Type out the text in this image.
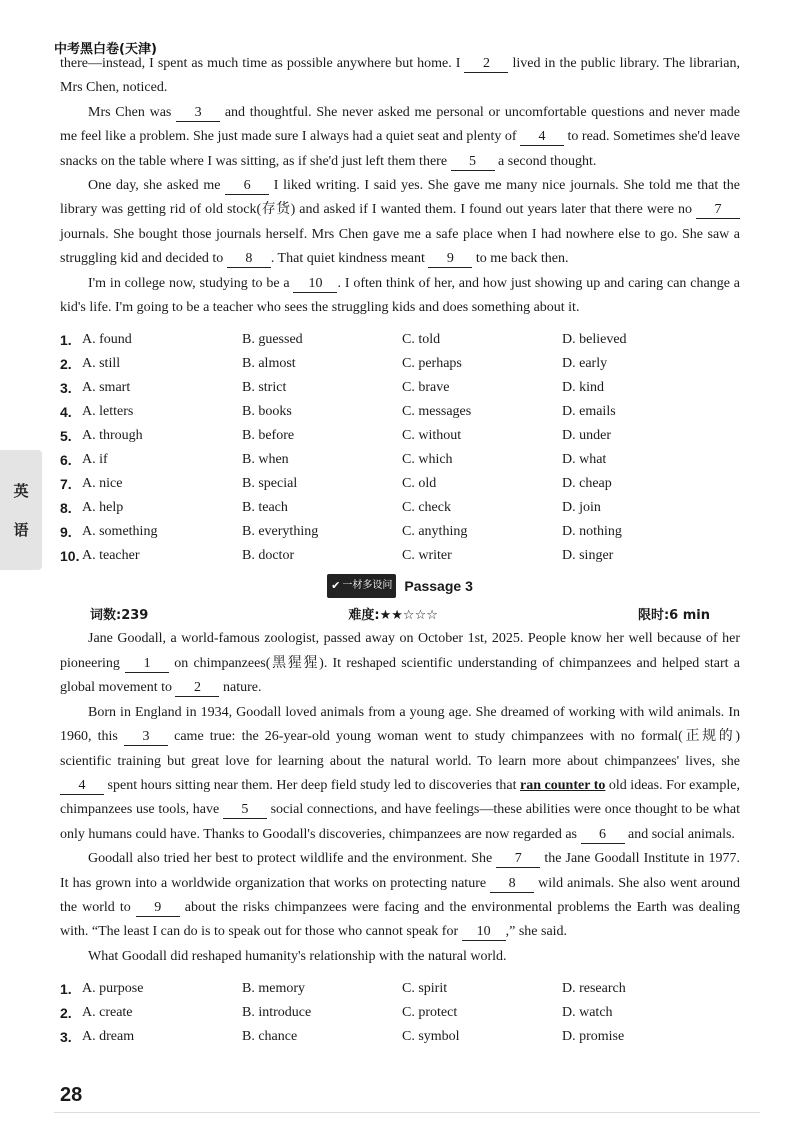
中考黑白卷(天津)
英
语

there—instead, I spent as much time as possible anywhere but home. I 2 lived in the public library. The librarian, Mrs Chen, noticed.

Mrs Chen was 3 and thoughtful. She never asked me personal or uncomfortable questions and never made me feel like a problem. She just made sure I always had a quiet seat and plenty of 4 to read. Sometimes she'd leave snacks on the table where I was sitting, as if she'd just left them there 5 a second thought.

One day, she asked me 6 I liked writing. I said yes. She gave me many nice journals. She told me that the library was getting rid of old stock(存货) and asked if I wanted them. I found out years later that there were no 7 journals. She bought those journals herself. Mrs Chen gave me a safe place when I had nowhere else to go. She saw a struggling kid and decided to 8 . That quiet kindness meant 9 to me back then.

I'm in college now, studying to be a 10 . I often think of her, and how just showing up and caring can change a kid's life. I'm going to be a teacher who sees the struggling kids and does something about it.

1. A. found	B. guessed	C. told	D. believed
2. A. still	B. almost	C. perhaps	D. early
3. A. smart	B. strict	C. brave	D. kind
4. A. letters	B. books	C. messages	D. emails
5. A. through	B. before	C. without	D. under
6. A. if	B. when	C. which	D. what
7. A. nice	B. special	C. old	D. cheap
8. A. help	B. teach	C. check	D. join
9. A. something	B. everything	C. anything	D. nothing
10. A. teacher	B. doctor	C. writer	D. singer
✔ 一材多设问 Passage 3
词数:239	难度:★★☆☆☆	限时:6 min

Jane Goodall, a world-famous zoologist, passed away on October 1st, 2025. People know her well because of her pioneering 1 on chimpanzees(黑猩猩). It reshaped scientific understanding of chimpanzees and helped start a global movement to 2 nature.

Born in England in 1934, Goodall loved animals from a young age. She dreamed of working with wild animals. In 1960, this 3 came true: the 26-year-old young woman went to study chimpanzees with no formal(正规的) scientific training but great love for learning about the natural world. To learn more about chimpanzees' lives, she 4 spent hours sitting near them. Her deep field study led to discoveries that ran counter to old ideas. For example, chimpanzees use tools, have 5 social connections, and have feelings—these abilities were once thought to be what only humans could have. Thanks to Goodall's discoveries, chimpanzees are now regarded as 6 and social animals.

Goodall also tried her best to protect wildlife and the environment. She 7 the Jane Goodall Institute in 1977. It has grown into a worldwide organization that works on protecting nature 8 wild animals. She also went around the world to 9 about the risks chimpanzees were facing and the environmental problems the Earth was dealing with. “The least I can do is to speak out for those who cannot speak for 10 ,” she said.

What Goodall did reshaped humanity's relationship with the natural world.

1. A. purpose	B. memory	C. spirit	D. research
2. A. create	B. introduce	C. protect	D. watch
3. A. dream	B. chance	C. symbol	D. promise
28
